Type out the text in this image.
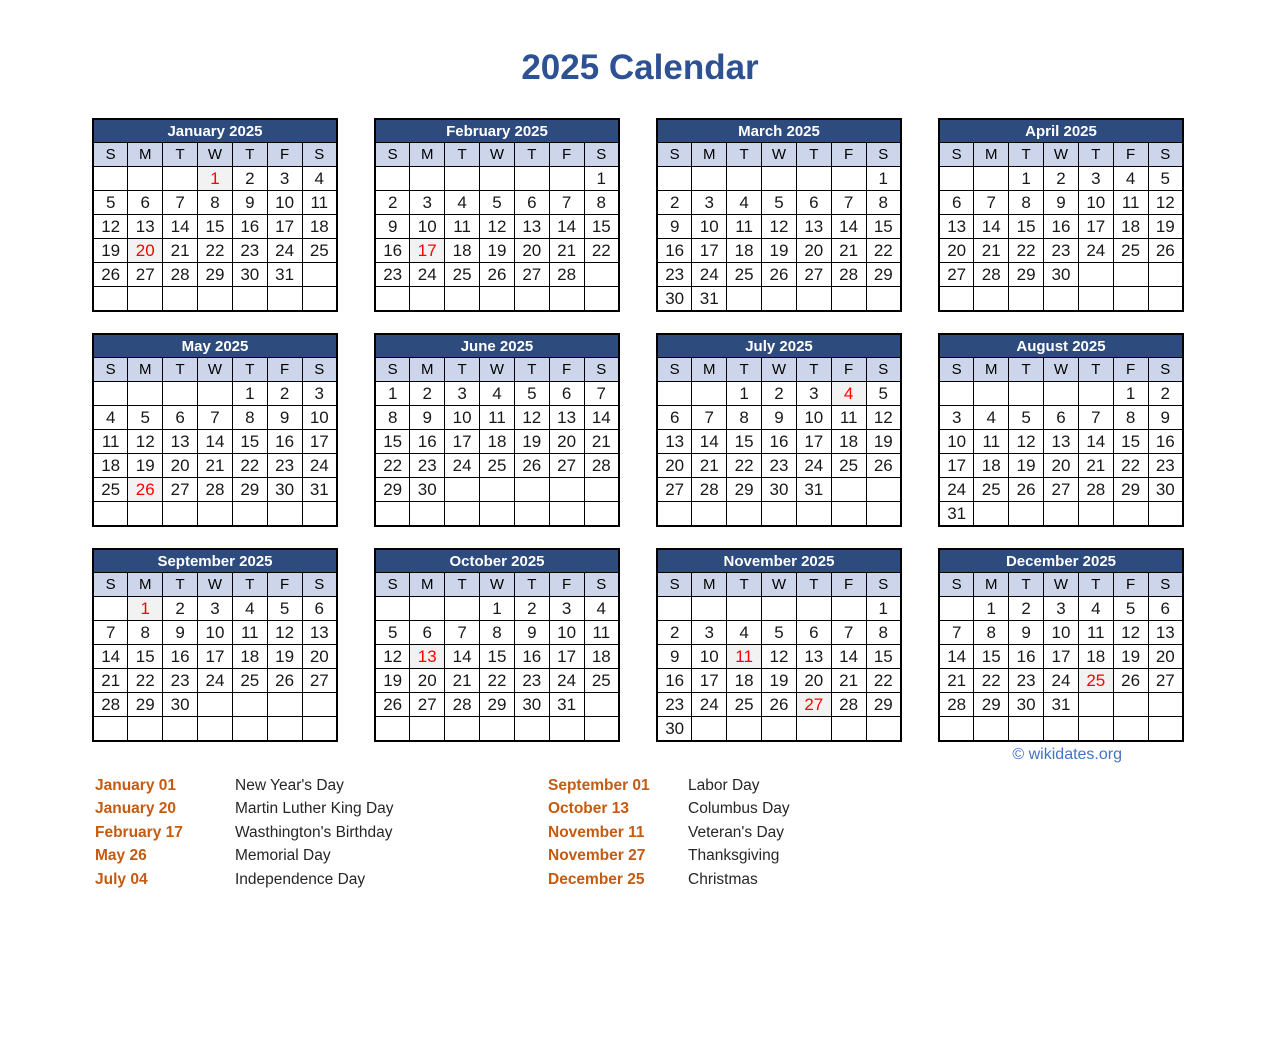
2025 Calendar
January 2025						
S	M	T	W	T	F	S
			1	2	3	4
5	6	7	8	9	10	11
12	13	14	15	16	17	18
19	20	21	22	23	24	25
26	27	28	29	30	31	

February 2025						
S	M	T	W	T	F	S
						1
2	3	4	5	6	7	8
9	10	11	12	13	14	15
16	17	18	19	20	21	22
23	24	25	26	27	28	

March 2025						
S	M	T	W	T	F	S
						1
2	3	4	5	6	7	8
9	10	11	12	13	14	15
16	17	18	19	20	21	22
23	24	25	26	27	28	29
30	31					
April 2025						
S	M	T	W	T	F	S
		1	2	3	4	5
6	7	8	9	10	11	12
13	14	15	16	17	18	19
20	21	22	23	24	25	26
27	28	29	30			

May 2025						
S	M	T	W	T	F	S
				1	2	3
4	5	6	7	8	9	10
11	12	13	14	15	16	17
18	19	20	21	22	23	24
25	26	27	28	29	30	31

June 2025						
S	M	T	W	T	F	S
1	2	3	4	5	6	7
8	9	10	11	12	13	14
15	16	17	18	19	20	21
22	23	24	25	26	27	28
29	30					

July 2025						
S	M	T	W	T	F	S
		1	2	3	4	5
6	7	8	9	10	11	12
13	14	15	16	17	18	19
20	21	22	23	24	25	26
27	28	29	30	31		

August 2025						
S	M	T	W	T	F	S
					1	2
3	4	5	6	7	8	9
10	11	12	13	14	15	16
17	18	19	20	21	22	23
24	25	26	27	28	29	30
31						
September 2025						
S	M	T	W	T	F	S
	1	2	3	4	5	6
7	8	9	10	11	12	13
14	15	16	17	18	19	20
21	22	23	24	25	26	27
28	29	30				

October 2025						
S	M	T	W	T	F	S
			1	2	3	4
5	6	7	8	9	10	11
12	13	14	15	16	17	18
19	20	21	22	23	24	25
26	27	28	29	30	31	

November 2025						
S	M	T	W	T	F	S
						1
2	3	4	5	6	7	8
9	10	11	12	13	14	15
16	17	18	19	20	21	22
23	24	25	26	27	28	29
30						
December 2025						
S	M	T	W	T	F	S
	1	2	3	4	5	6
7	8	9	10	11	12	13
14	15	16	17	18	19	20
21	22	23	24	25	26	27
28	29	30	31			

© wikidates.org
January 01	New Year's Day
January 20	Martin Luther King Day
February 17	Wasthington's Birthday
May 26	Memorial Day
July 04	Independence Day
September 01	Labor Day
October 13	Columbus Day
November 11	Veteran's Day
November 27	Thanksgiving
December 25	Christmas
